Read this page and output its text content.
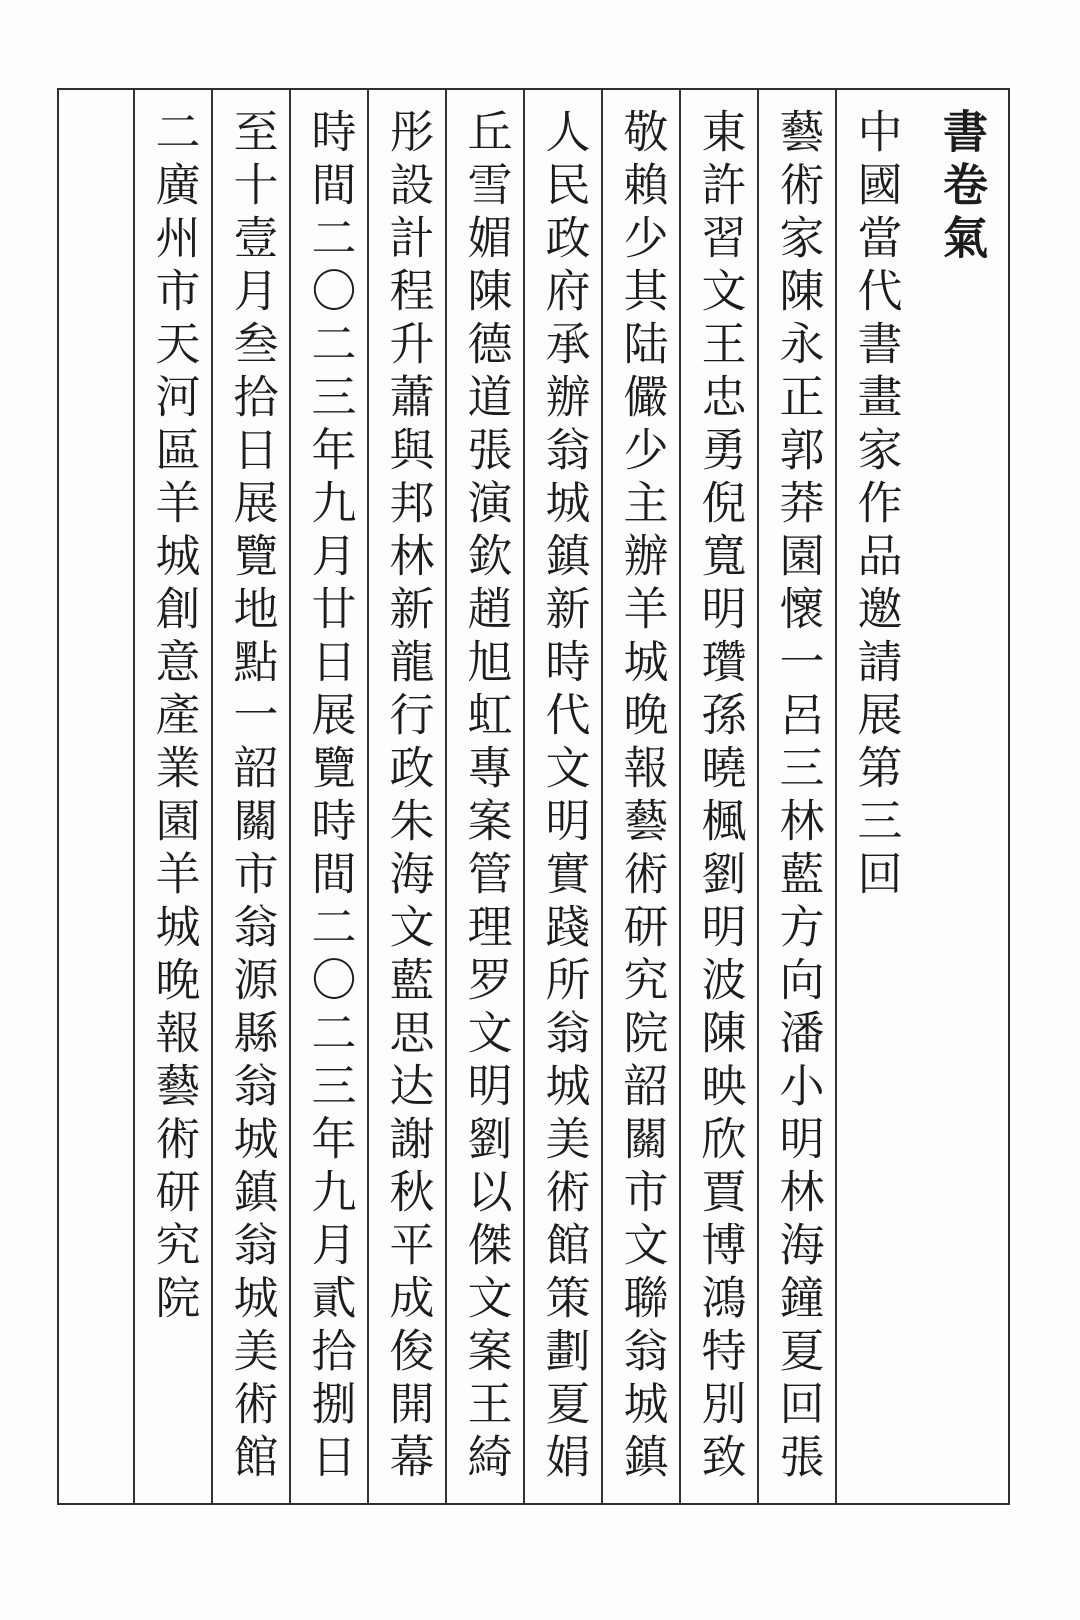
書卷氣
中國當代書畫家作品邀請展第三回
藝術家陳永正郭莽園懷一呂三林藍方向潘小明林海鐘夏回張
東許習文王忠勇倪寬明瓚孫曉楓劉明波陳映欣賈博鴻特別致
敬賴少其陆儼少主辦羊城晚報藝術研究院韶關市文聯翁城鎮
人民政府承辦翁城鎮新時代文明實踐所翁城美術館策劃夏娟
丘雪媚陳德道張演欽趙旭虹專案管理罗文明劉以傑文案王綺
彤設計程升蕭與邦林新龍行政朱海文藍思达謝秋平成俊開幕
時間二〇二三年九月廿日展覽時間二〇二三年九月貳拾捌日
至十壹月叁拾日展覽地點一韶關市翁源縣翁城鎮翁城美術館
二廣州市天河區羊城創意產業園羊城晚報藝術研究院
